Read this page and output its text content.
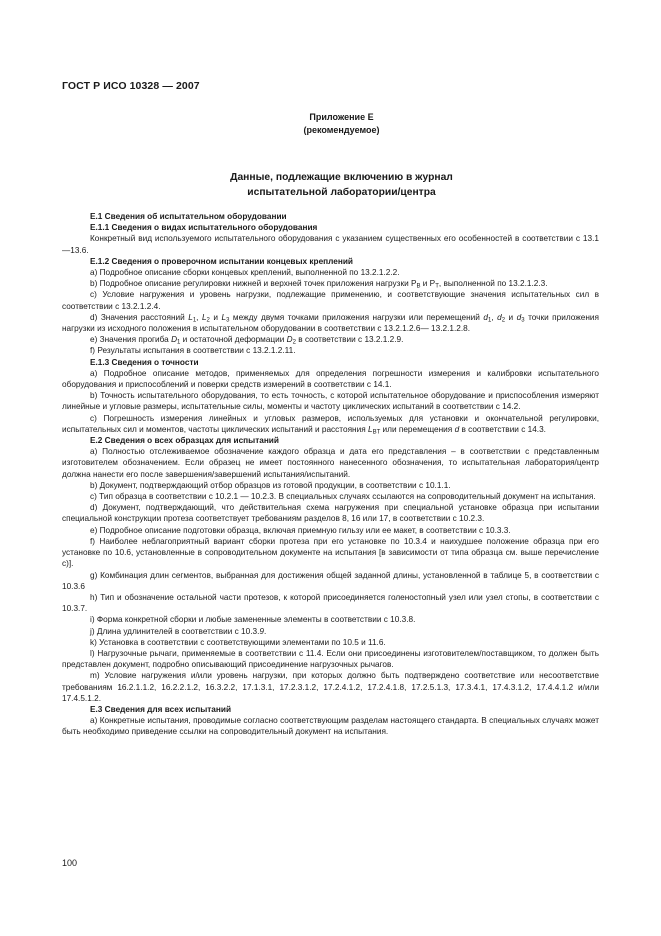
ГОСТ Р ИСО 10328 — 2007
Приложение Е
(рекомендуемое)
Данные, подлежащие включению в журнал
испытательной лаборатории/центра

Е.1 Сведения об испытательном оборудовании

Е.1.1 Сведения о видах испытательного оборудования

Конкретный вид используемого испытательного оборудования с указанием существенных его особенностей в соответствии с 13.1—13.6.

Е.1.2 Сведения о проверочном испытании концевых креплений

a) Подробное описание сборки концевых креплений, выполненной по 13.2.1.2.2.

b) Подробное описание регулировки нижней и верхней точек приложения нагрузки $P_B$ и $P_T$, выполненной по 13.2.1.2.3.

c) Условие нагружения и уровень нагрузки, подлежащие применению, и соответствующие значения испытательных сил в соответствии с 13.2.1.2.4.

d) Значения расстояний $L_1$, $L_2$ и $L_3$ между двумя точками приложения нагрузки или перемещений $d_1$, $d_2$ и $d_3$ точки приложения нагрузки из исходного положения в испытательном оборудовании в соответствии с 13.2.1.2.6— 13.2.1.2.8.

e) Значения прогиба $D_1$ и остаточной деформации $D_2$ в соответствии с 13.2.1.2.9.

f) Результаты испытания в соответствии с 13.2.1.2.11.

Е.1.3 Сведения о точности

a) Подробное описание методов, применяемых для определения погрешности измерения и калибровки испытательного оборудования и приспособлений и поверки средств измерений в соответствии с 14.1.

b) Точность испытательного оборудования, то есть точность, с которой испытательное оборудование и приспособления измеряют линейные и угловые размеры, испытательные силы, моменты и частоту циклических испытаний в соответствии с 14.2.

c) Погрешность измерения линейных и угловых размеров, используемых для установки и окончательной регулировки, испытательных сил и моментов, частоты циклических испытаний и расстояния $L_{BT}$ или перемещения d в соответствии с 14.3.

Е.2 Сведения о всех образцах для испытаний

a) Полностью отслеживаемое обозначение каждого образца и дата его представления – в соответствии с представленным изготовителем обозначением. Если образец не имеет постоянного нанесенного обозначения, то испытательная лаборатория/центр должна нанести его после завершения/завершений испытания/испытаний.

b) Документ, подтверждающий отбор образцов из готовой продукции, в соответствии с 10.1.1.

c) Тип образца в соответствии с 10.2.1 — 10.2.3. В специальных случаях ссылаются на сопроводительный документ на испытания.

d) Документ, подтверждающий, что действительная схема нагружения при специальной установке образца при испытании специальной конструкции протеза соответствует требованиям разделов 8, 16 или 17, в соответствии с 10.2.3.

e) Подробное описание подготовки образца, включая приемную гильзу или ее макет, в соответствии с 10.3.3.

f) Наиболее неблагоприятный вариант сборки протеза при его установке по 10.3.4 и наихудшее положение образца при его установке по 10.6, установленные в сопроводительном документе на испытания [в зависимости от типа образца см. выше перечисление c)].

g) Комбинация длин сегментов, выбранная для достижения общей заданной длины, установленной в таблице 5, в соответствии с 10.3.6

h) Тип и обозначение остальной части протезов, к которой присоединяется голеностопный узел или узел стопы, в соответствии с 10.3.7.

i) Форма конкретной сборки и любые замененные элементы в соответствии с 10.3.8.

j) Длина удлинителей в соответствии с 10.3.9.

k) Установка в соответствии с соответствующими элементами по 10.5 и 11.6.

l) Нагрузочные рычаги, применяемые в соответствии с 11.4. Если они присоединены изготовителем/поставщиком, то должен быть представлен документ, подробно описывающий присоединение нагрузочных рычагов.

m) Условие нагружения и/или уровень нагрузки, при которых должно быть подтверждено соответствие или несоответствие требованиям 16.2.1.1.2, 16.2.2.1.2, 16.3.2.2, 17.1.3.1, 17.2.3.1.2, 17.2.4.1.2, 17.2.4.1.8, 17.2.5.1.3, 17.3.4.1, 17.4.3.1.2, 17.4.4.1.2 и/или 17.4.5.1.2.

Е.3 Сведения для всех испытаний

a) Конкретные испытания, проводимые согласно соответствующим разделам настоящего стандарта. В специальных случаях может быть необходимо приведение ссылки на сопроводительный документ на испытания.

100
